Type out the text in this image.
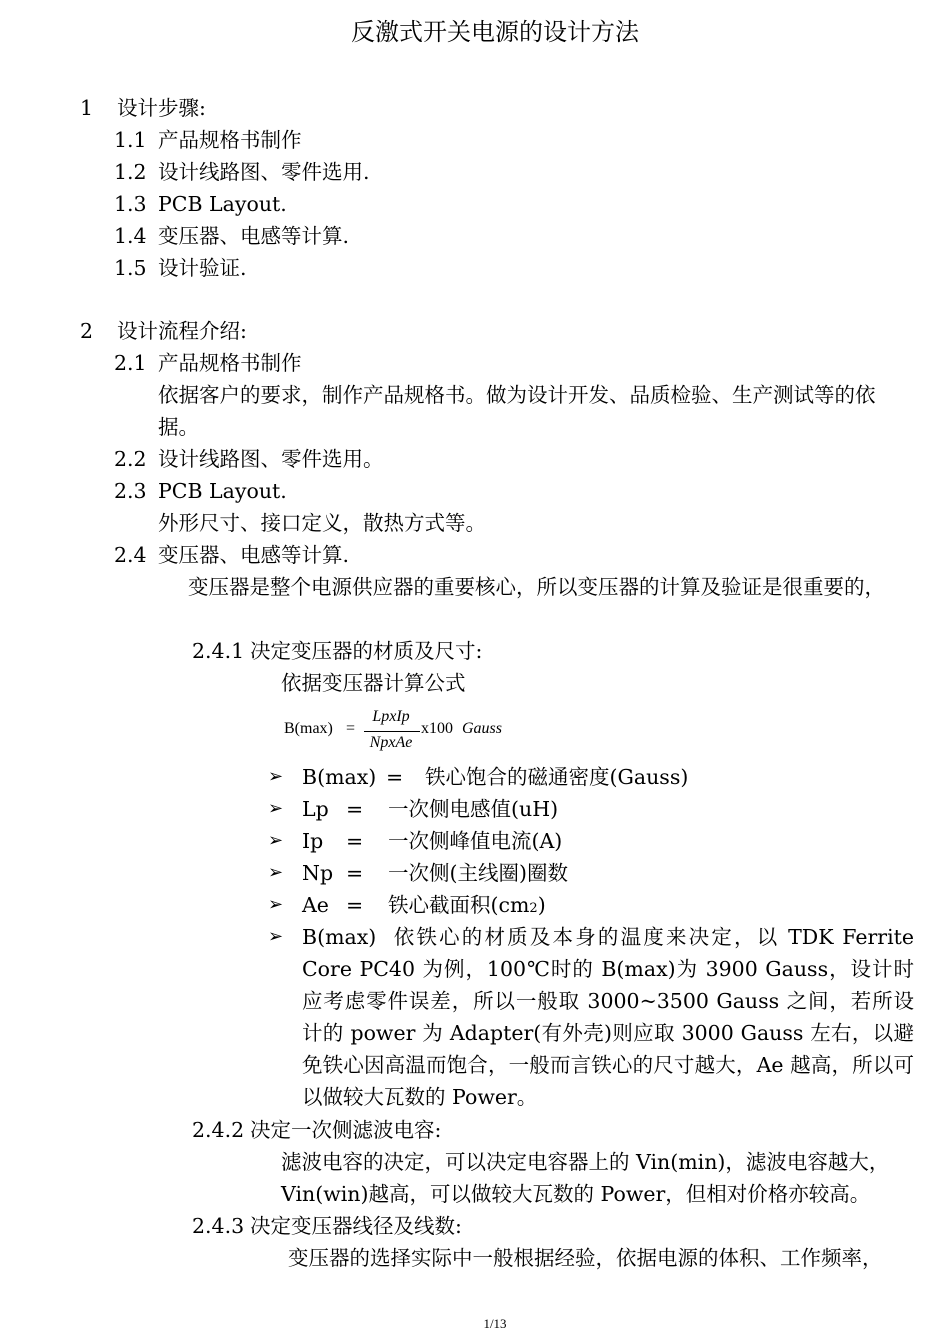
反激式开关电源的设计方法
1 设计步骤:
1.1 产品规格书制作
1.2 设计线路图、零件选用.
1.3 PCB Layout.
1.4 变压器、电感等计算.
1.5 设计验证.
2 设计流程介绍:
2.1 产品规格书制作
依据客户的要求，制作产品规格书。做为设计开发、品质检验、生产测试等的依据。
2.2 设计线路图、零件选用。
2.3 PCB Layout.
外形尺寸、接口定义，散热方式等。
2.4 变压器、电感等计算.
变压器是整个电源供应器的重要核心，所以变压器的计算及验证是很重要的，
2.4.1 决定变压器的材质及尺寸:
依据变压器计算公式
B(max) =
LpxIp
NpxAe
x100 Gauss
➢ B(max) = 铁心饱合的磁通密度(Gauss)
➢ Lp = 一次侧电感值(uH)
➢ Ip = 一次侧峰值电流(A)
➢ Np = 一次侧(主线圈)圈数
➢ Ae = 铁心截面积(cm2)
➢ B(max) 依铁心的材质及本身的温度来决定，以 TDK Ferrite Core PC40 为例，100℃时的 B(max)为 3900 Gauss，设计时应考虑零件误差，所以一般取 3000~3500 Gauss 之间，若所设计的 power 为 Adapter(有外壳)则应取 3000 Gauss 左右，以避免铁心因高温而饱合，一般而言铁心的尺寸越大，Ae 越高，所以可以做较大瓦数的 Power。
2.4.2 决定一次侧滤波电容:
滤波电容的决定，可以决定电容器上的 Vin(min)，滤波电容越大，Vin(win)越高，可以做较大瓦数的 Power，但相对价格亦较高。
2.4.3 决定变压器线径及线数:
变压器的选择实际中一般根据经验，依据电源的体积、工作频率，
1/13
